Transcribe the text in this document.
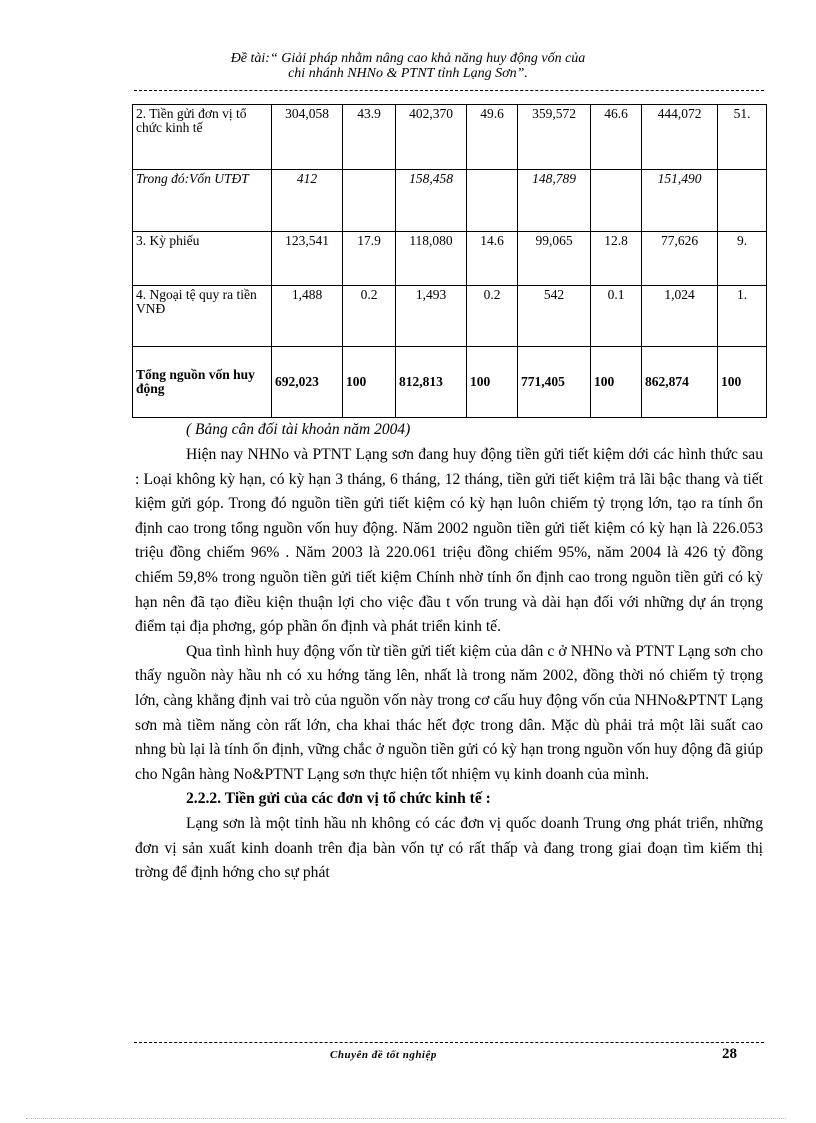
Đề tài:“ Giải pháp nhằm nâng cao khả năng huy động vốn của
chi nhánh NHNo & PTNT tỉnh Lạng Sơn”.
2. Tiền gửi đơn vị tổ chức kinh tế	304,058	43.9	402,370	49.6	359,572	46.6	444,072	51.
Trong đó:Vốn UTĐT	412		158,458		148,789		151,490	
3. Kỳ phiếu	123,541	17.9	118,080	14.6	99,065	12.8	77,626	9.
4. Ngoại tệ quy ra tiền VNĐ	1,488	0.2	1,493	0.2	542	0.1	1,024	1.
Tổng nguồn vốn huy động	692,023	100	812,813	100	771,405	100	862,874	100
( Bảng cân đối tài khoản năm 2004)

Hiện nay NHNo và PTNT Lạng sơn đang huy động tiền gửi tiết kiệm dới các hình thức sau : Loại không kỳ hạn, có kỳ hạn 3 tháng, 6 tháng, 12 tháng, tiền gửi tiết kiệm trả lãi bậc thang và tiết kiệm gửi góp. Trong đó nguồn tiền gửi tiết kiệm có kỳ hạn luôn chiếm tỷ trọng lớn, tạo ra tính ổn định cao trong tổng nguồn vốn huy động. Năm 2002 nguồn tiền gửi tiết kiệm có kỳ hạn là 226.053 triệu đồng chiếm 96% . Năm 2003 là 220.061 triệu đồng chiếm 95%, năm 2004 là 426 tỷ đồng chiếm 59,8% trong nguồn tiền gửi tiết kiệm Chính nhờ tính ổn định cao trong nguồn tiền gửi có kỳ hạn nên đã tạo điều kiện thuận lợi cho việc đầu t vốn trung và dài hạn đối với những dự án trọng điểm tại địa phơng, góp phần ổn định và phát triển kinh tế.

Qua tình hình huy động vốn từ tiền gửi tiết kiệm của dân c ở NHNo và PTNT Lạng sơn cho thấy nguồn này hầu nh có xu hớng tăng lên, nhất là trong năm 2002, đồng thời nó chiếm tỷ trọng lớn, càng khẳng định vai trò của nguồn vốn này trong cơ cấu huy động vốn của NHNo&PTNT Lạng sơn mà tiềm năng còn rất lớn, cha khai thác hết đợc trong dân. Mặc dù phải trả một lãi suất cao nhng bù lại là tính ổn định, vững chắc ở nguồn tiền gửi có kỳ hạn trong nguồn vốn huy động đã giúp cho Ngân hàng No&PTNT Lạng sơn thực hiện tốt nhiệm vụ kinh doanh của mình.

2.2.2. Tiền gửi của các đơn vị tổ chức kinh tế :

Lạng sơn là một tỉnh hầu nh không có các đơn vị quốc doanh Trung ơng phát triển, những đơn vị sản xuất kinh doanh trên địa bàn vốn tự có rất thấp và đang trong giai đoạn tìm kiếm thị trờng để định hớng cho sự phát

Chuyên đề tốt nghiệp	28
